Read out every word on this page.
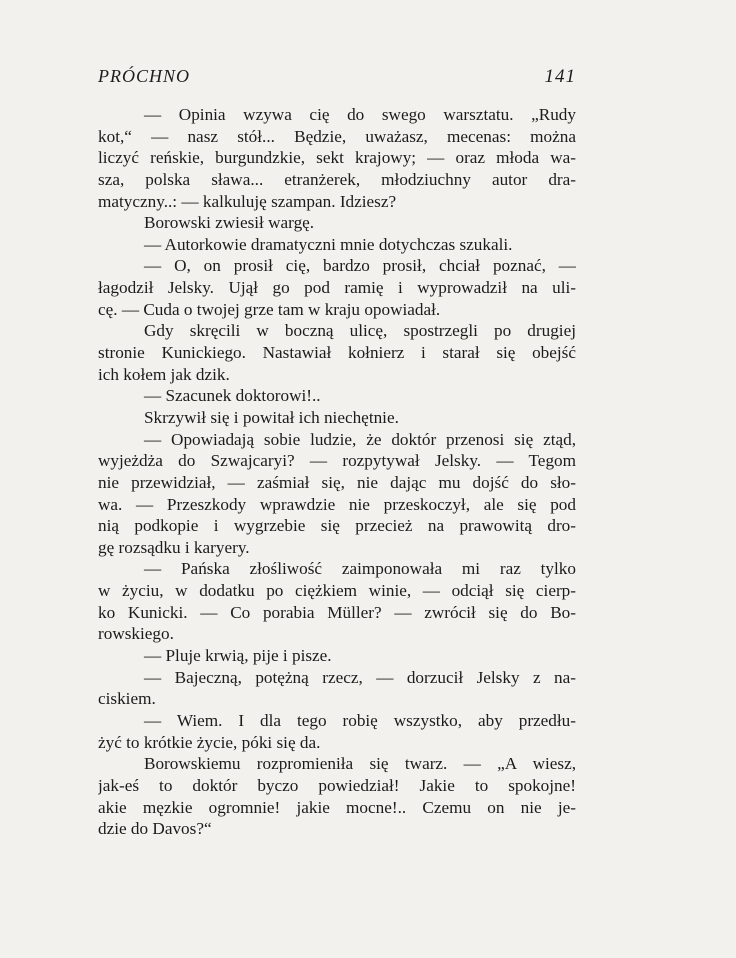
PRÓCHNO	141
— Opinia wzywa cię do swego warsztatu. „Rudy
kot,“ — nasz stół... Będzie, uważasz, mecenas: można
liczyć reńskie, burgundzkie, sekt krajowy; — oraz młoda wa-
sza, polska sława... etranżerek, młodziuchny autor dra-
matyczny..: — kalkuluję szampan. Idziesz?
Borowski zwiesił wargę.
— Autorkowie dramatyczni mnie dotychczas szukali.
— O, on prosił cię, bardzo prosił, chciał poznać, —
łagodził Jelsky. Ujął go pod ramię i wyprowadził na uli-
cę. — Cuda o twojej grze tam w kraju opowiadał.
Gdy skręcili w boczną ulicę, spostrzegli po drugiej
stronie Kunickiego. Nastawiał kołnierz i starał się obejść
ich kołem jak dzik.
— Szacunek doktorowi!..
Skrzywił się i powitał ich niechętnie.
— Opowiadają sobie ludzie, że doktór przenosi się ztąd,
wyjeżdża do Szwajcaryi? — rozpytywał Jelsky. — Tegom
nie przewidział, — zaśmiał się, nie dając mu dojść do sło-
wa. — Przeszkody wprawdzie nie przeskoczył, ale się pod
nią podkopie i wygrzebie się przecież na prawowitą dro-
gę rozsądku i karyery.
— Pańska złośliwość zaimponowała mi raz tylko
w życiu, w dodatku po ciężkiem winie, — odciął się cierp-
ko Kunicki. — Co porabia Müller? — zwrócił się do Bo-
rowskiego.
— Pluje krwią, pije i pisze.
— Bajeczną, potężną rzecz, — dorzucił Jelsky z na-
ciskiem.
— Wiem. I dla tego robię wszystko, aby przedłu-
żyć to krótkie życie, póki się da.
Borowskiemu rozpromieniła się twarz. — „A wiesz,
jak-eś to doktór byczo powiedział! Jakie to spokojne!
akie męzkie ogromnie! jakie mocne!.. Czemu on nie je-
dzie do Davos?“
